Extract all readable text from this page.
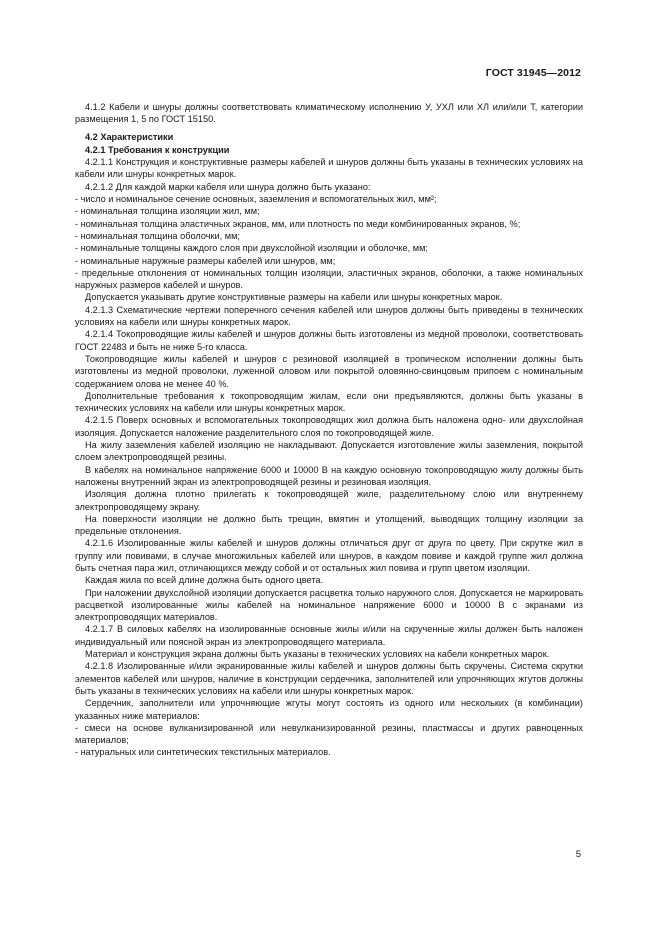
ГОСТ 31945—2012

4.1.2 Кабели и шнуры должны соответствовать климатическому исполнению У, УХЛ или ХЛ или/или Т, категории размещения 1, 5 по ГОСТ 15150.

4.2 Характеристики

4.2.1 Требования к конструкции

4.2.1.1 Конструкция и конструктивные размеры кабелей и шнуров должны быть указаны в технических условиях на кабели или шнуры конкретных марок.

4.2.1.2 Для каждой марки кабеля или шнура должно быть указано:

- число и номинальное сечение основных, заземления и вспомогательных жил, мм²;

- номинальная толщина изоляции жил, мм;

- номинальная толщина эластичных экранов, мм, или плотность по меди комбинированных экранов, %;

- номинальная толщина оболочки, мм;

- номинальные толщины каждого слоя при двухслойной изоляции и оболочке, мм;

- номинальные наружные размеры кабелей или шнуров, мм;

- предельные отклонения от номинальных толщин изоляции, эластичных экранов, оболочки, а также номинальных наружных размеров кабелей и шнуров.

Допускается указывать другие конструктивные размеры на кабели или шнуры конкретных марок.

4.2.1.3 Схематические чертежи поперечного сечения кабелей или шнуров должны быть приведены в технических условиях на кабели или шнуры конкретных марок.

4.2.1.4 Токопроводящие жилы кабелей и шнуров должны быть изготовлены из медной проволоки, соответствовать ГОСТ 22483 и быть не ниже 5-го класса.

Токопроводящие жилы кабелей и шнуров с резиновой изоляцией в тропическом исполнении должны быть изготовлены из медной проволоки, луженной оловом или покрытой оловянно-свинцовым припоем с номинальным содержанием олова не менее 40 %.

Дополнительные требования к токопроводящим жилам, если они предъявляются, должны быть указаны в технических условиях на кабели или шнуры конкретных марок.

4.2.1.5 Поверх основных и вспомогательных токопроводящих жил должна быть наложена одно- или двухслойная изоляция. Допускается наложение разделительного слоя по токопроводящей жиле.

На жилу заземления кабелей изоляцию не накладывают. Допускается изготовление жилы заземления, покрытой слоем электропроводящей резины.

В кабелях на номинальное напряжение 6000 и 10000 В на каждую основную токопроводящую жилу должны быть наложены внутренний экран из электропроводящей резины и резиновая изоляция.

Изоляция должна плотно прилегать к токопроводящей жиле, разделительному слою или внутреннему электропроводящему экрану.

На поверхности изоляции не должно быть трещин, вмятин и утолщений, выводящих толщину изоляции за предельные отклонения.

4.2.1.6 Изолированные жилы кабелей и шнуров должны отличаться друг от друга по цвету. При скрутке жил в группу или повивами, в случае многожильных кабелей или шнуров, в каждом повиве и каждой группе жил должна быть счетная пара жил, отличающихся между собой и от остальных жил повива и групп цветом изоляции.

Каждая жила по всей длине должна быть одного цвета.

При наложении двухслойной изоляции допускается расцветка только наружного слоя. Допускается не маркировать расцветкой изолированные жилы кабелей на номинальное напряжение 6000 и 10000 В с экранами из электропроводящих материалов.

4.2.1.7 В силовых кабелях на изолированные основные жилы и/или на скрученные жилы должен быть наложен индивидуальный или поясной экран из электропроводящего материала.

Материал и конструкция экрана должны быть указаны в технических условиях на кабели конкретных марок.

4.2.1.8 Изолированные и/или экранированные жилы кабелей и шнуров должны быть скручены. Система скрутки элементов кабелей или шнуров, наличие в конструкции сердечника, заполнителей или упрочняющих жгутов должны быть указаны в технических условиях на кабели или шнуры конкретных марок.

Сердечник, заполнители или упрочняющие жгуты могут состоять из одного или нескольких (в комбинации) указанных ниже материалов:

- смеси на основе вулканизированной или невулканизированной резины, пластмассы и других равноценных материалов;

- натуральных или синтетических текстильных материалов.

5
